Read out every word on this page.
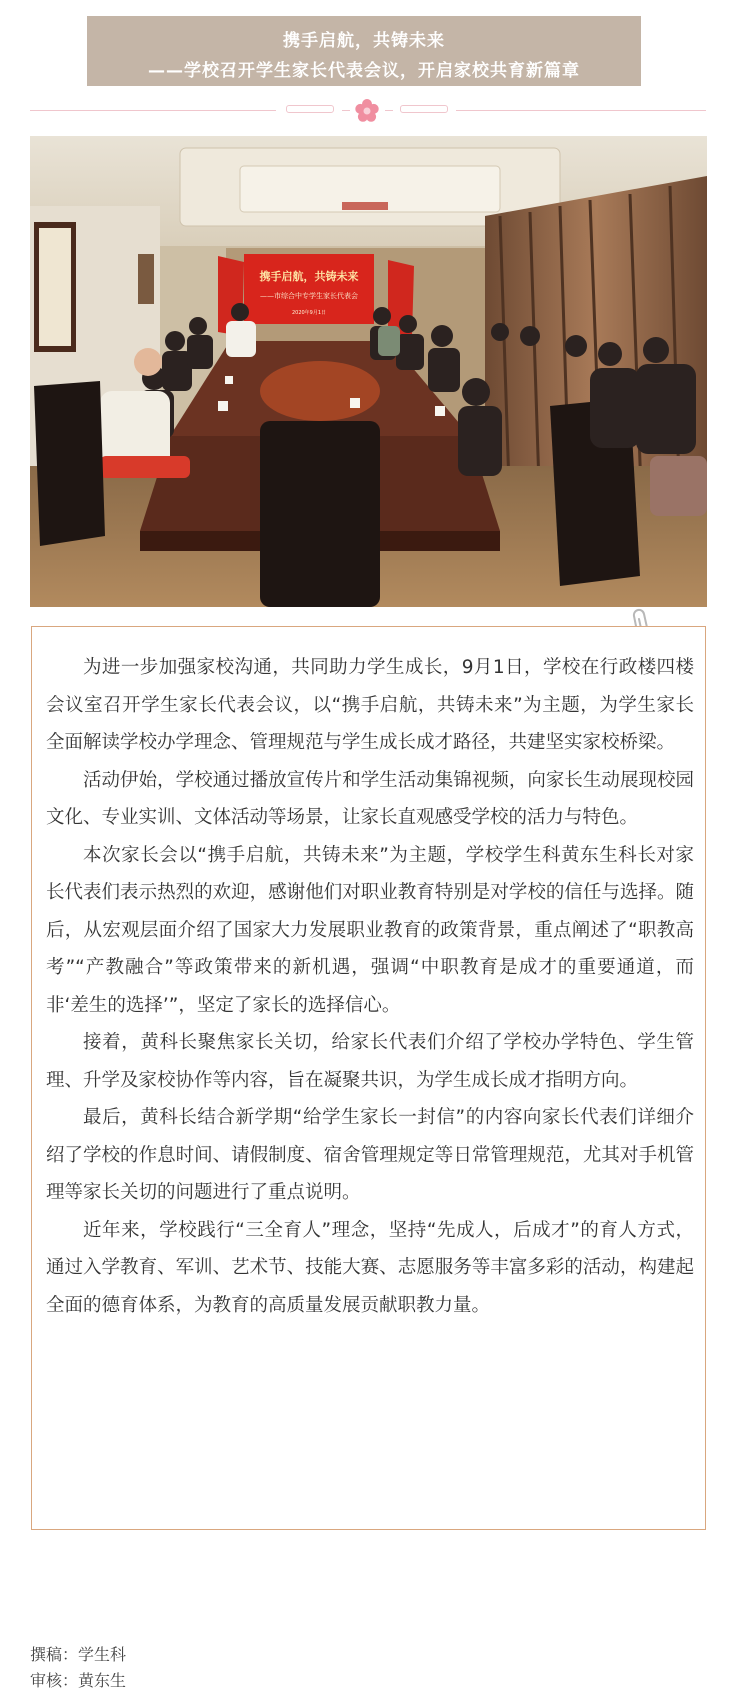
携手启航，共铸未来
——学校召开学生家长代表会议，开启家校共育新篇章
携手启航，共铸未来
——市综合中专学生家长代表会
2020年9月1日

为进一步加强家校沟通，共同助力学生成长，9月1日，学校在行政楼四楼会议室召开学生家长代表会议，以“携手启航，共铸未来”为主题，为学生家长全面解读学校办学理念、管理规范与学生成长成才路径，共建坚实家校桥梁。

活动伊始，学校通过播放宣传片和学生活动集锦视频，向家长生动展现校园文化、专业实训、文体活动等场景，让家长直观感受学校的活力与特色。

本次家长会以“携手启航，共铸未来”为主题，学校学生科黄东生科长对家长代表们表示热烈的欢迎，感谢他们对职业教育特别是对学校的信任与选择。随后，从宏观层面介绍了国家大力发展职业教育的政策背景，重点阐述了“职教高考”“产教融合”等政策带来的新机遇，强调“中职教育是成才的重要通道，而非‘差生的选择’”，坚定了家长的选择信心。

接着，黄科长聚焦家长关切，给家长代表们介绍了学校办学特色、学生管理、升学及家校协作等内容，旨在凝聚共识，为学生成长成才指明方向。

最后，黄科长结合新学期“给学生家长一封信”的内容向家长代表们详细介绍了学校的作息时间、请假制度、宿舍管理规定等日常管理规范，尤其对手机管理等家长关切的问题进行了重点说明。

近年来，学校践行“三全育人”理念，坚持“先成人，后成才”的育人方式，通过入学教育、军训、艺术节、技能大赛、志愿服务等丰富多彩的活动，构建起全面的德育体系，为教育的高质量发展贡献职教力量。

撰稿：学生科
审核：黄东生
